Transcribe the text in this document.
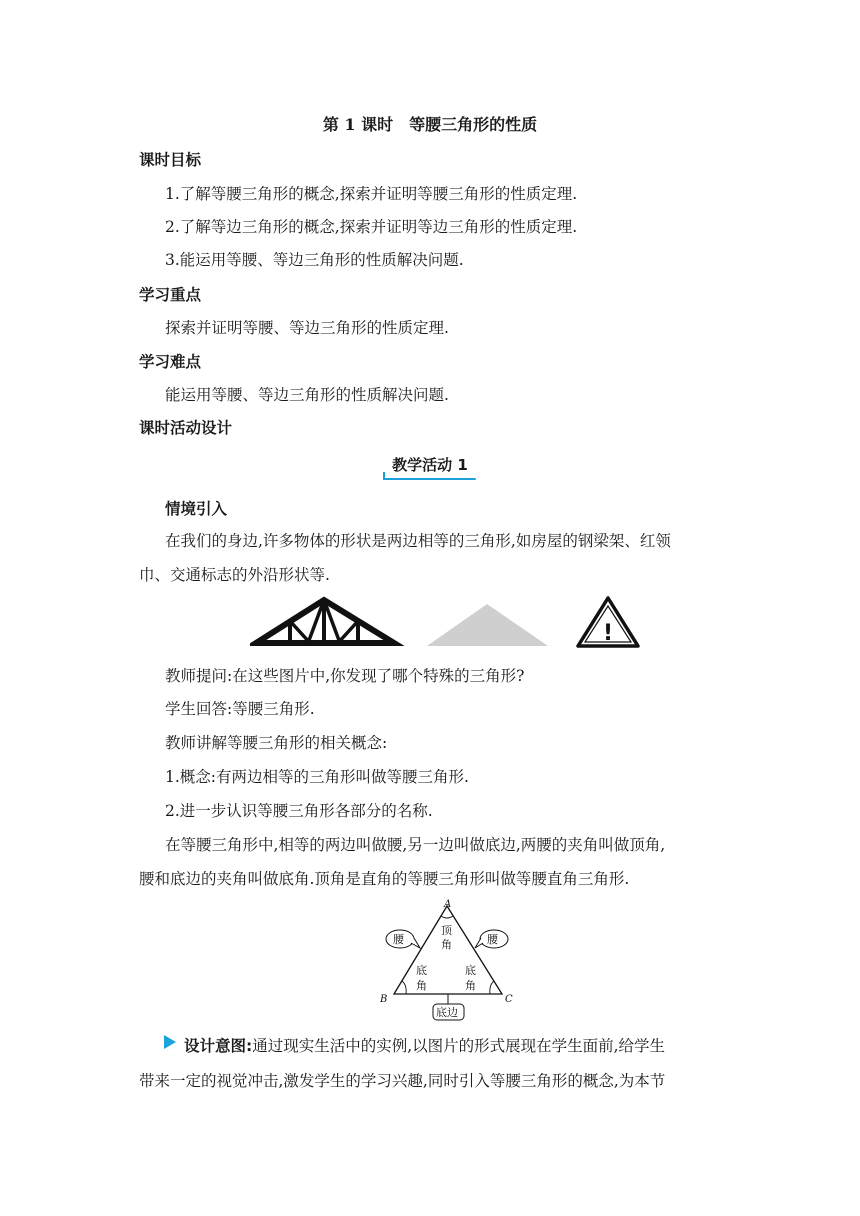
第 1 课时　等腰三角形的性质
课时目标
1.了解等腰三角形的概念,探索并证明等腰三角形的性质定理.
2.了解等边三角形的概念,探索并证明等边三角形的性质定理.
3.能运用等腰、等边三角形的性质解决问题.
学习重点
探索并证明等腰、等边三角形的性质定理.
学习难点
能运用等腰、等边三角形的性质解决问题.
课时活动设计
教学活动 1
情境引入
在我们的身边,许多物体的形状是两边相等的三角形,如房屋的钢梁架、红领
巾、交通标志的外沿形状等.
!
教师提问:在这些图片中,你发现了哪个特殊的三角形?
学生回答:等腰三角形.
教师讲解等腰三角形的相关概念:
1.概念:有两边相等的三角形叫做等腰三角形.
2.进一步认识等腰三角形各部分的名称.
在等腰三角形中,相等的两边叫做腰,另一边叫做底边,两腰的夹角叫做顶角,
腰和底边的夹角叫做底角.顶角是直角的等腰三角形叫做等腰直角三角形.
A
B	C
顶
角
底
角
底
角
腰	腰
底边
设计意图:通过现实生活中的实例,以图片的形式展现在学生面前,给学生
带来一定的视觉冲击,激发学生的学习兴趣,同时引入等腰三角形的概念,为本节
